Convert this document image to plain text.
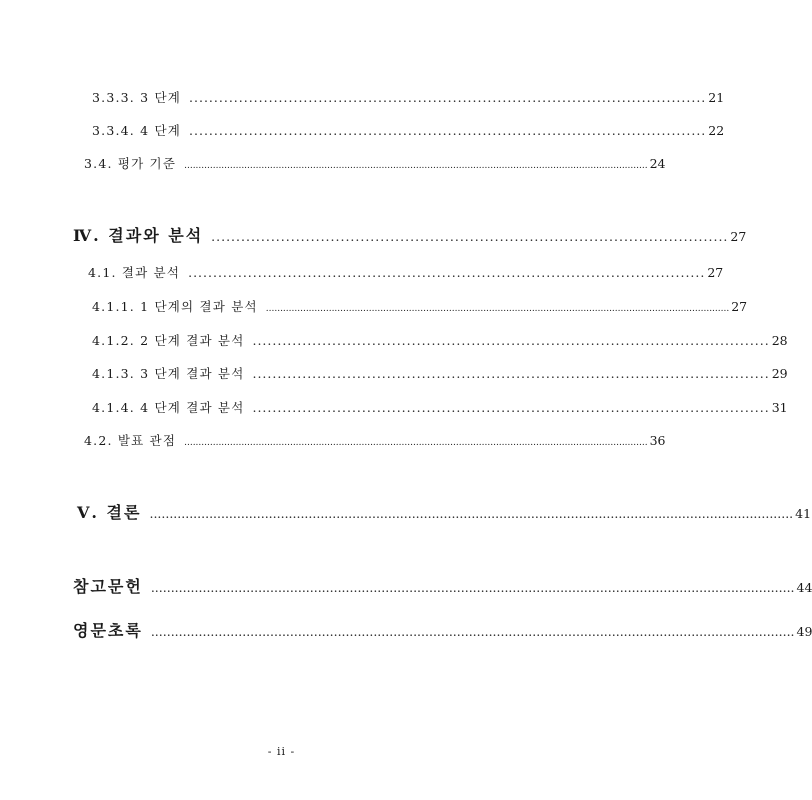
3.3.3. 3 단계 ........................................................................................................ 21
3.3.4. 4 단계 ........................................................................................................ 22
3.4. 평가 기준 .................................................................................................................................................................. 24
Ⅳ. 결과와 분석 ........................................................................................................ 27
4.1. 결과 분석 ........................................................................................................ 27
4.1.1. 1 단계의 결과 분석 .................................................................................................................................................................. 27
4.1.2. 2 단계 결과 분석 ........................................................................................................ 28
4.1.3. 3 단계 결과 분석 ........................................................................................................ 29
4.1.4. 4 단계 결과 분석 ........................................................................................................ 31
4.2. 발표 관점 .................................................................................................................................................................. 36
Ⅴ. 결론 .................................................................................................................................................................. 41
참고문헌 .................................................................................................................................................................. 44
영문초록 .................................................................................................................................................................. 49
- ii -
